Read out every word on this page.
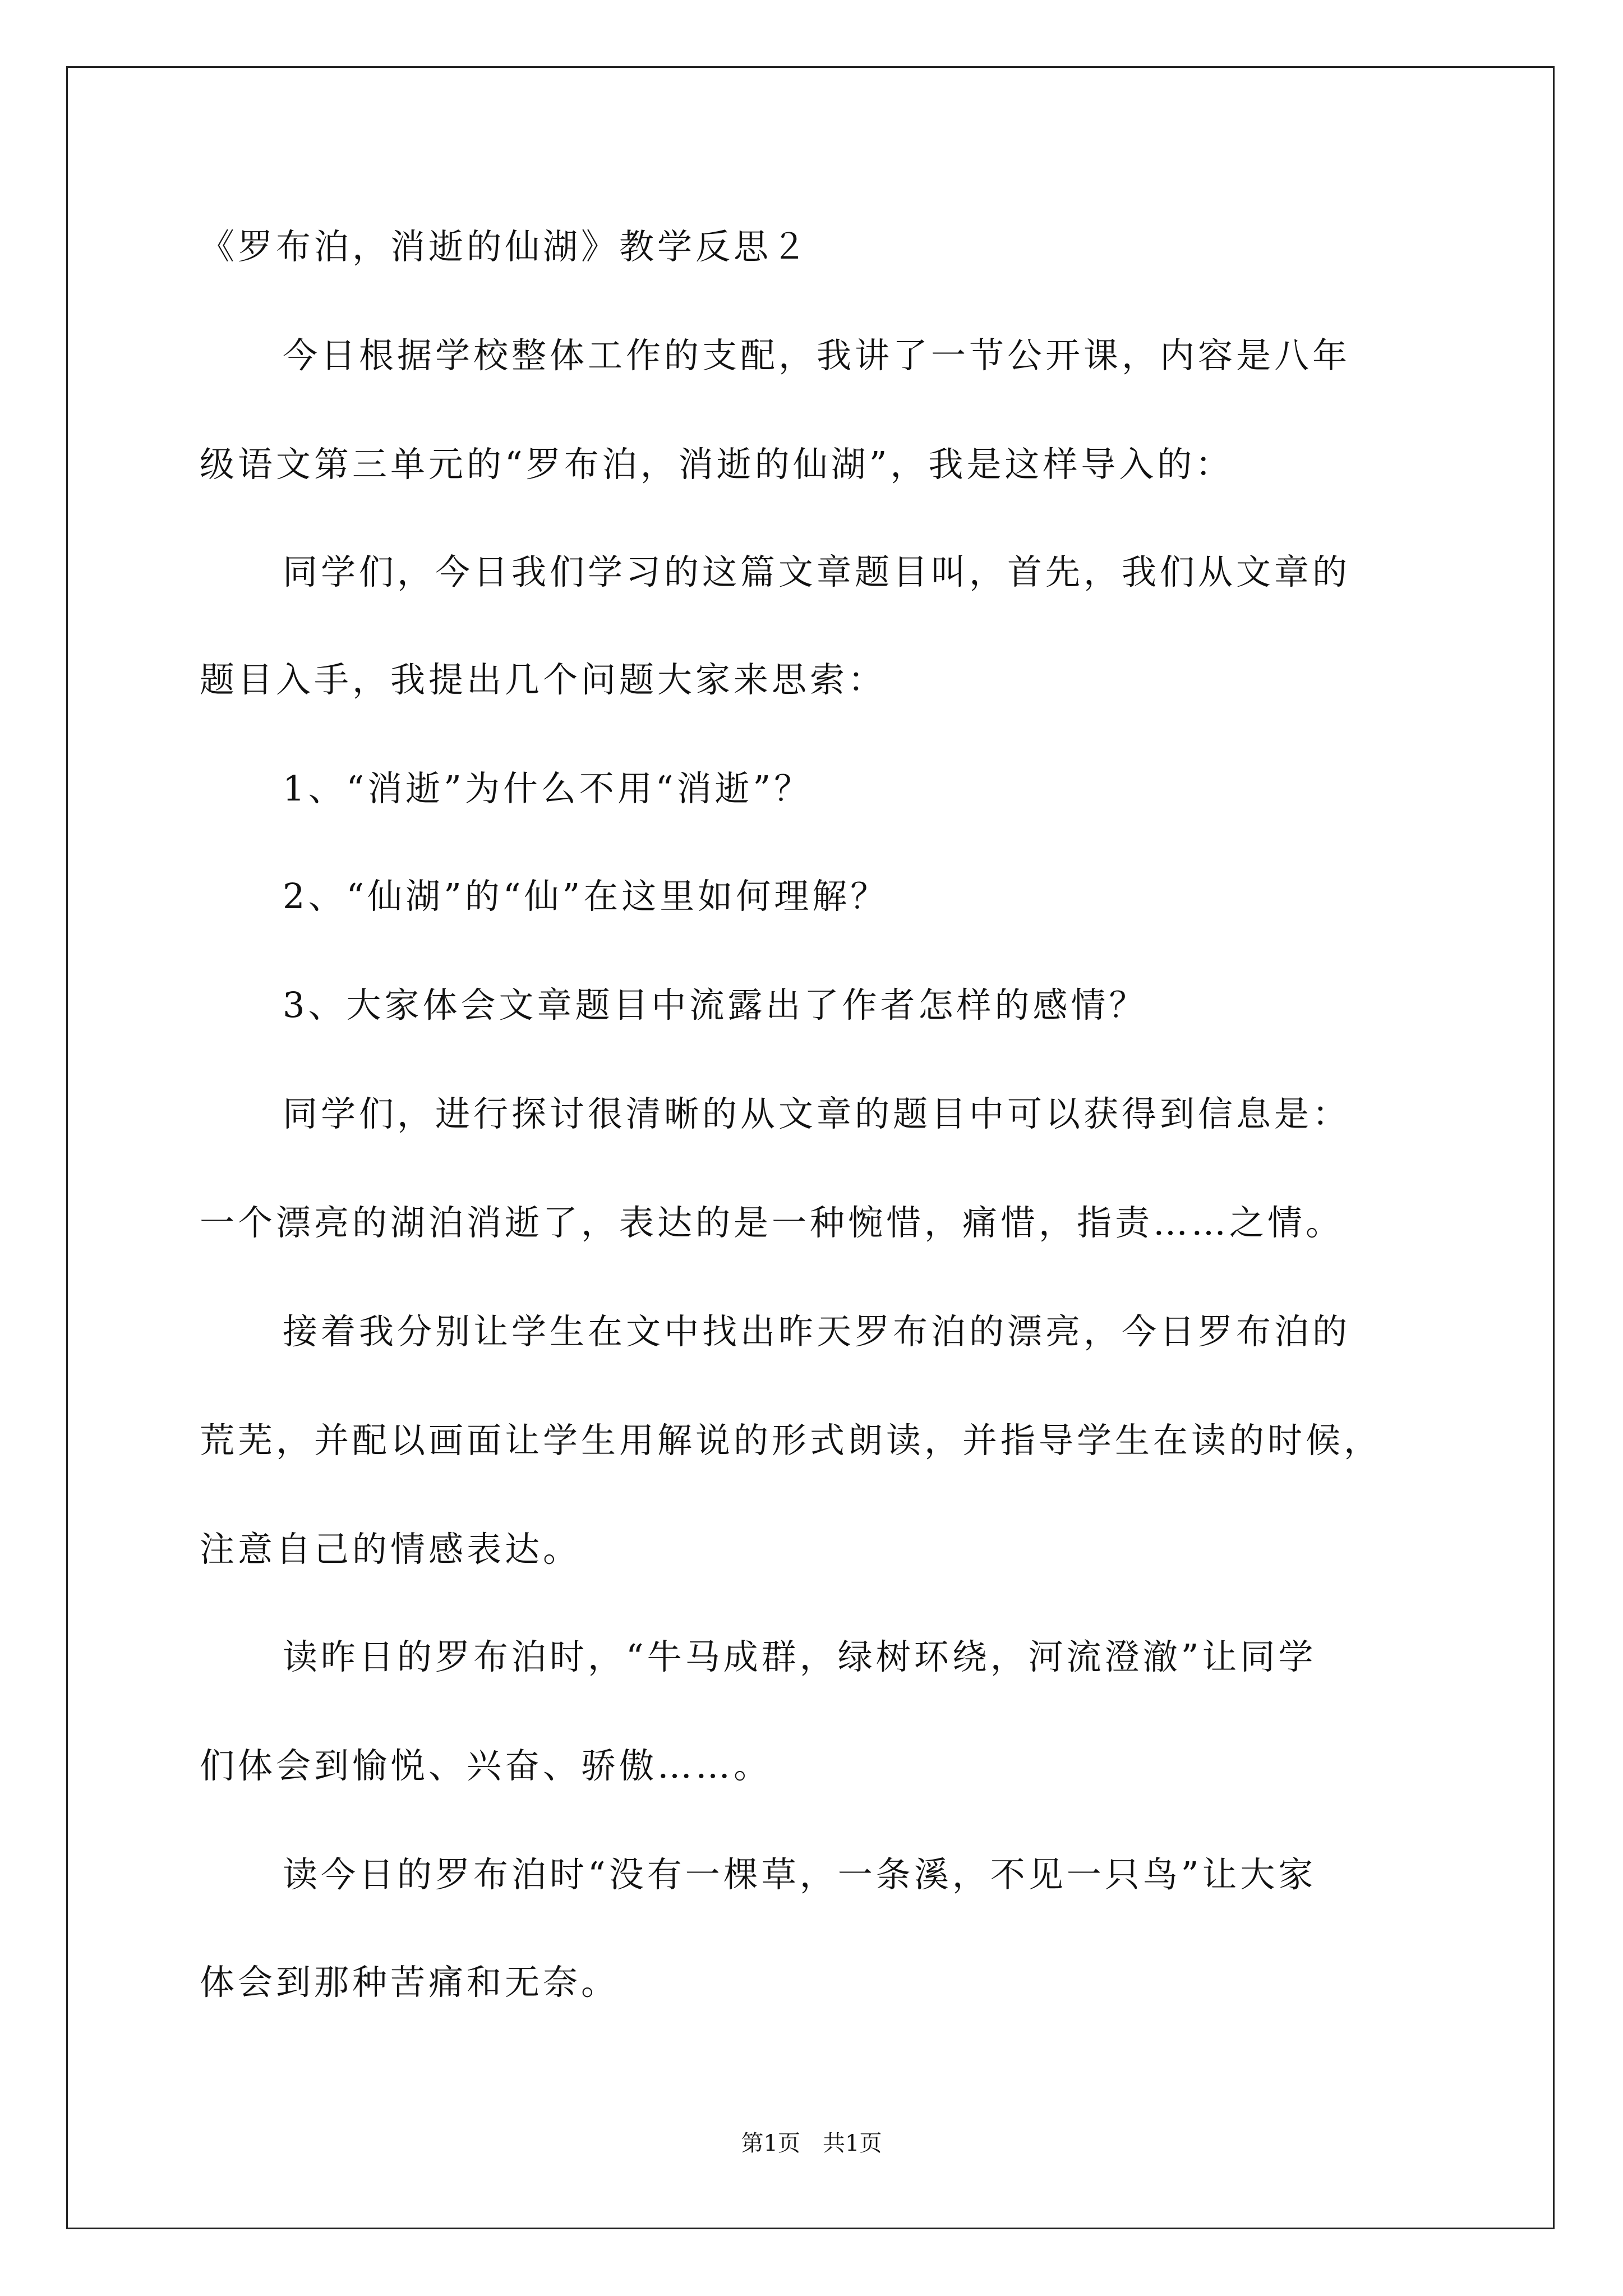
《罗布泊，消逝的仙湖》教学反思２
今日根据学校整体工作的支配，我讲了一节公开课，内容是八年
级语文第三单元的“罗布泊，消逝的仙湖”，我是这样导入的：
同学们，今日我们学习的这篇文章题目叫，首先，我们从文章的
题目入手，我提出几个问题大家来思索：
1、“消逝”为什么不用“消逝”？
2、“仙湖”的“仙”在这里如何理解？
3、大家体会文章题目中流露出了作者怎样的感情？
同学们，进行探讨很清晰的从文章的题目中可以获得到信息是：
一个漂亮的湖泊消逝了，表达的是一种惋惜，痛惜，指责……之情。
接着我分别让学生在文中找出昨天罗布泊的漂亮，今日罗布泊的
荒芜，并配以画面让学生用解说的形式朗读，并指导学生在读的时候，
注意自己的情感表达。
读昨日的罗布泊时，“牛马成群，绿树环绕，河流澄澈”让同学
们体会到愉悦、兴奋、骄傲……。
读今日的罗布泊时“没有一棵草，一条溪，不见一只鸟”让大家
体会到那种苦痛和无奈。
第1页　共1页
